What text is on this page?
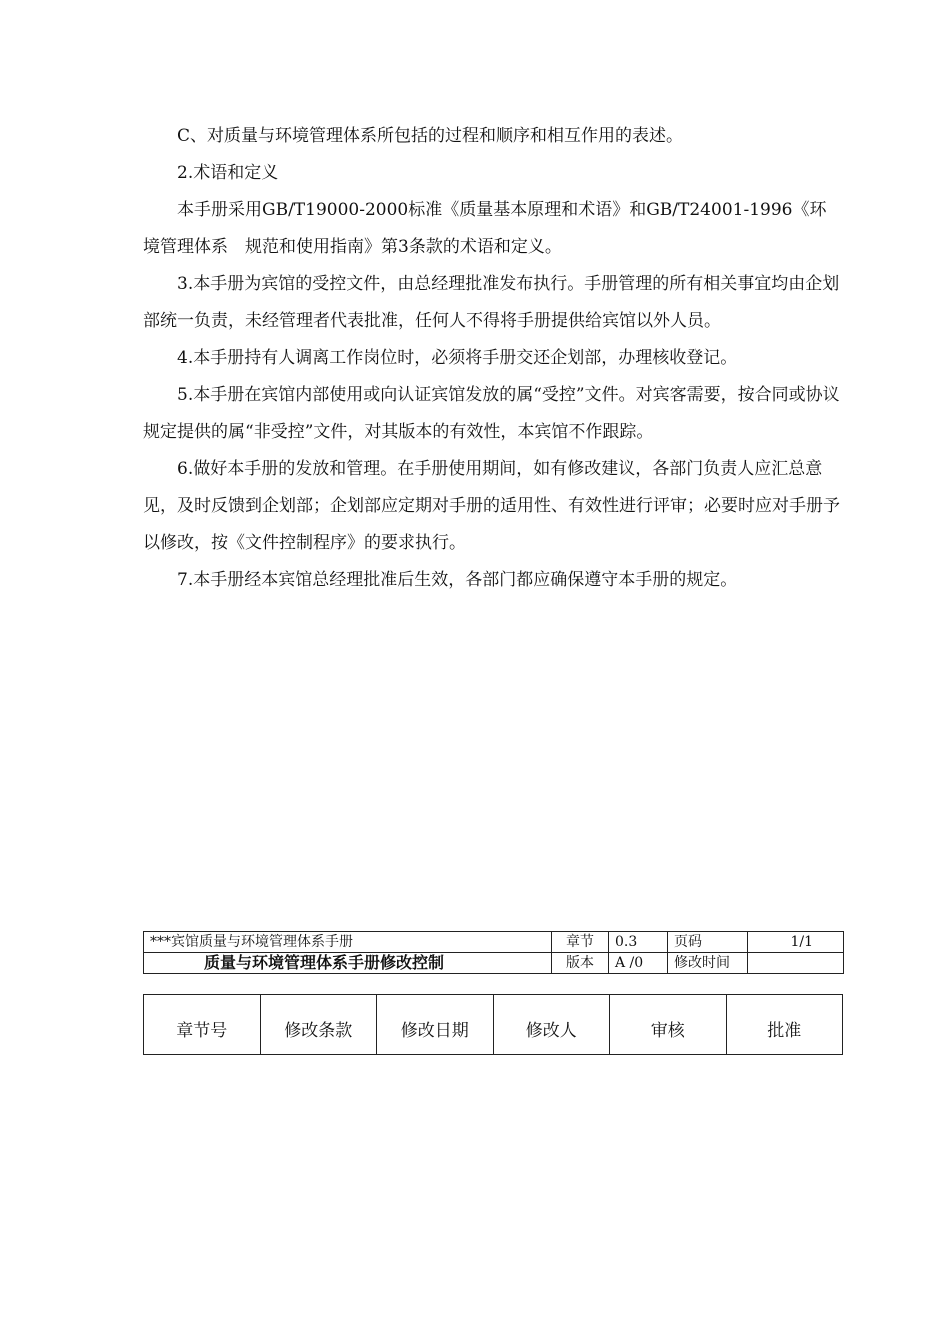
C、对质量与环境管理体系所包括的过程和顺序和相互作用的表述。

2.术语和定义

本手册采用GB/T19000-2000标准《质量基本原理和术语》和GB/T24001-1996《环境管理体系　规范和使用指南》第3条款的术语和定义。

3.本手册为宾馆的受控文件，由总经理批准发布执行。手册管理的所有相关事宜均由企划部统一负责，未经管理者代表批准，任何人不得将手册提供给宾馆以外人员。

4.本手册持有人调离工作岗位时，必须将手册交还企划部，办理核收登记。

5.本手册在宾馆内部使用或向认证宾馆发放的属“受控”文件。对宾客需要，按合同或协议规定提供的属“非受控”文件，对其版本的有效性，本宾馆不作跟踪。

6.做好本手册的发放和管理。在手册使用期间，如有修改建议，各部门负责人应汇总意见，及时反馈到企划部；企划部应定期对手册的适用性、有效性进行评审；必要时应对手册予以修改，按《文件控制程序》的要求执行。

7.本手册经本宾馆总经理批准后生效，各部门都应确保遵守本手册的规定。

***宾馆质量与环境管理体系手册	章节	0.3	页码	1/1
质量与环境管理体系手册修改控制	版本	A /0	修改时间	
章节号	修改条款	修改日期	修改人	审核	批准
